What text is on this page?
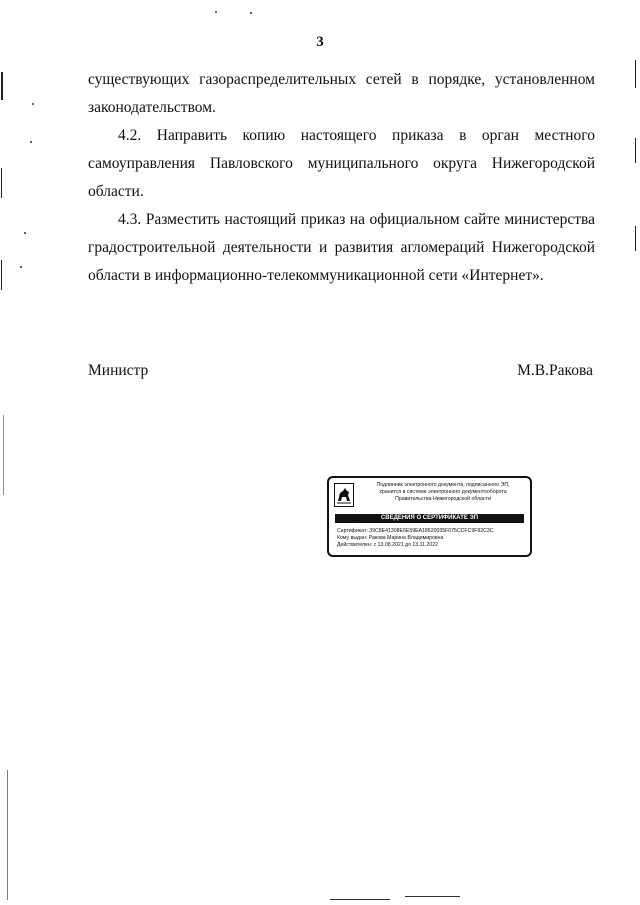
3
существующих газораспределительных сетей в порядке, установленном
законодательством.
4.2. Направить копию настоящего приказа в орган местного
самоуправления Павловского муниципального округа Нижегородской
области.
4.3. Разместить настоящий приказ на официальном сайте министерства
градостроительной деятельности и развития агломераций Нижегородской
области в информационно-телекоммуникационной сети «Интернет».
Министр	М.В.Ракова
Подлинник электронного документа, подписанного ЭП,
хранится в системе электронного документооборота
Правительства Нижегородской области
СВЕДЕНИЯ О СЕРТИФИКАТЕ ЭП
Сертификат: 39C8E41308E6E59EA18520035F075CCFC9F92C3C
Кому выдан: Ракова Марина Владимировна
Действителен: с 13.08.2021 до 13.11.2022
